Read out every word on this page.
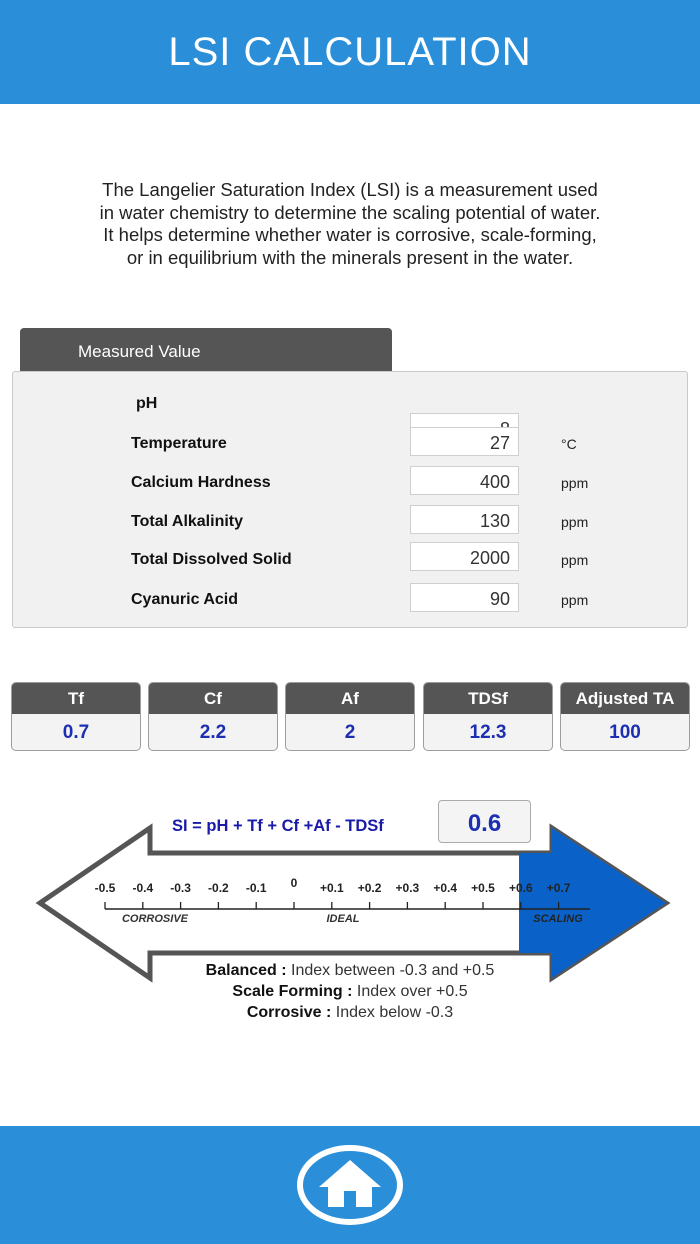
LSI CALCULATION
The Langelier Saturation Index (LSI) is a measurement used
in water chemistry to determine the scaling potential of water.
It helps determine whether water is corrosive, scale-forming,
or in equilibrium with the minerals present in the water.
Measured Value
pH
8
Temperature
27	°C
Calcium Hardness
400	ppm
Total Alkalinity
130	ppm
Total Dissolved Solid
2000	ppm
Cyanuric Acid
90	ppm
Tf
0.7
Cf
2.2
Af
2
TDSf
12.3
Adjusted TA
100
SI = pH + Tf + Cf +Af - TDSf	0.6
-0.5 -0.4 -0.3 -0.2 -0.1 0 +0.1 +0.2 +0.3 +0.4 +0.5 +0.6 +0.7
CORROSIVE	IDEAL	SCALING
Balanced : Index between -0.3 and +0.5
Scale Forming : Index over +0.5
Corrosive : Index below -0.3
